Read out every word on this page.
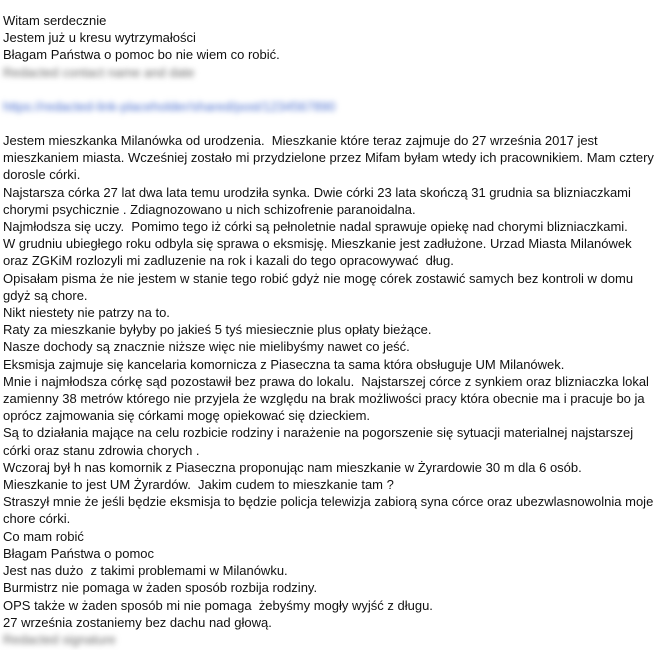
Witam serdecznie

Jestem już u kresu wytrzymałości

Błagam Państwa o pomoc bo nie wiem co robić.

Redacted contact name and date

https://redacted-link-placeholder/shared/post/1234567890

Jestem mieszkanka Milanówka od urodzenia.  Mieszkanie które teraz zajmuje do 27 września 2017 jest mieszkaniem miasta. Wcześniej zostało mi przydzielone przez Mifam byłam wtedy ich pracownikiem. Mam cztery dorosle córki.

Najstarsza córka 27 lat dwa lata temu urodziła synka. Dwie córki 23 lata skończą 31 grudnia sa blizniaczkami chorymi psychicznie . Zdiagnozowano u nich schizofrenie paranoidalna.

Najmłodsza się uczy.  Pomimo tego iż córki są pełnoletnie nadal sprawuje opiekę nad chorymi blizniaczkami.

W grudniu ubiegłego roku odbyla się sprawa o eksmisję. Mieszkanie jest zadłużone. Urzad Miasta Milanówek oraz ZGKiM rozlozyli mi zadluzenie na rok i kazali do tego opracowywać  dług.

Opisałam pisma że nie jestem w stanie tego robić gdyż nie mogę córek zostawić samych bez kontroli w domu gdyż są chore.

Nikt niestety nie patrzy na to.

Raty za mieszkanie byłyby po jakieś 5 tyś miesiecznie plus opłaty bieżące.

Nasze dochody są znacznie niższe więc nie mielibyśmy nawet co jeść.

Eksmisja zajmuje się kancelaria komornicza z Piaseczna ta sama która obsługuje UM Milanówek.

Mnie i najmłodsza córkę sąd pozostawił bez prawa do lokalu.  Najstarszej córce z synkiem oraz blizniaczka lokal zamienny 38 metrów którego nie przyjela że względu na brak możliwości pracy która obecnie ma i pracuje bo ja oprócz zajmowania się córkami mogę opiekować się dzieckiem.

Są to działania mające na celu rozbicie rodziny i narażenie na pogorszenie się sytuacji materialnej najstarszej córki oraz stanu zdrowia chorych .

Wczoraj był h nas komornik z Piaseczna proponując nam mieszkanie w Żyrardowie 30 m dla 6 osób.

Mieszkanie to jest UM Żyrardów.  Jakim cudem to mieszkanie tam ?

Straszył mnie że jeśli będzie eksmisja to będzie policja telewizja zabiorą syna córce oraz ubezwlasnowolnia moje chore córki.

Co mam robić

Błagam Państwa o pomoc

Jest nas dużo  z takimi problemami w Milanówku.

Burmistrz nie pomaga w żaden sposób rozbija rodziny.

OPS także w żaden sposób mi nie pomaga  żebyśmy mogły wyjść z długu.

27 września zostaniemy bez dachu nad głową.

Redacted signature
